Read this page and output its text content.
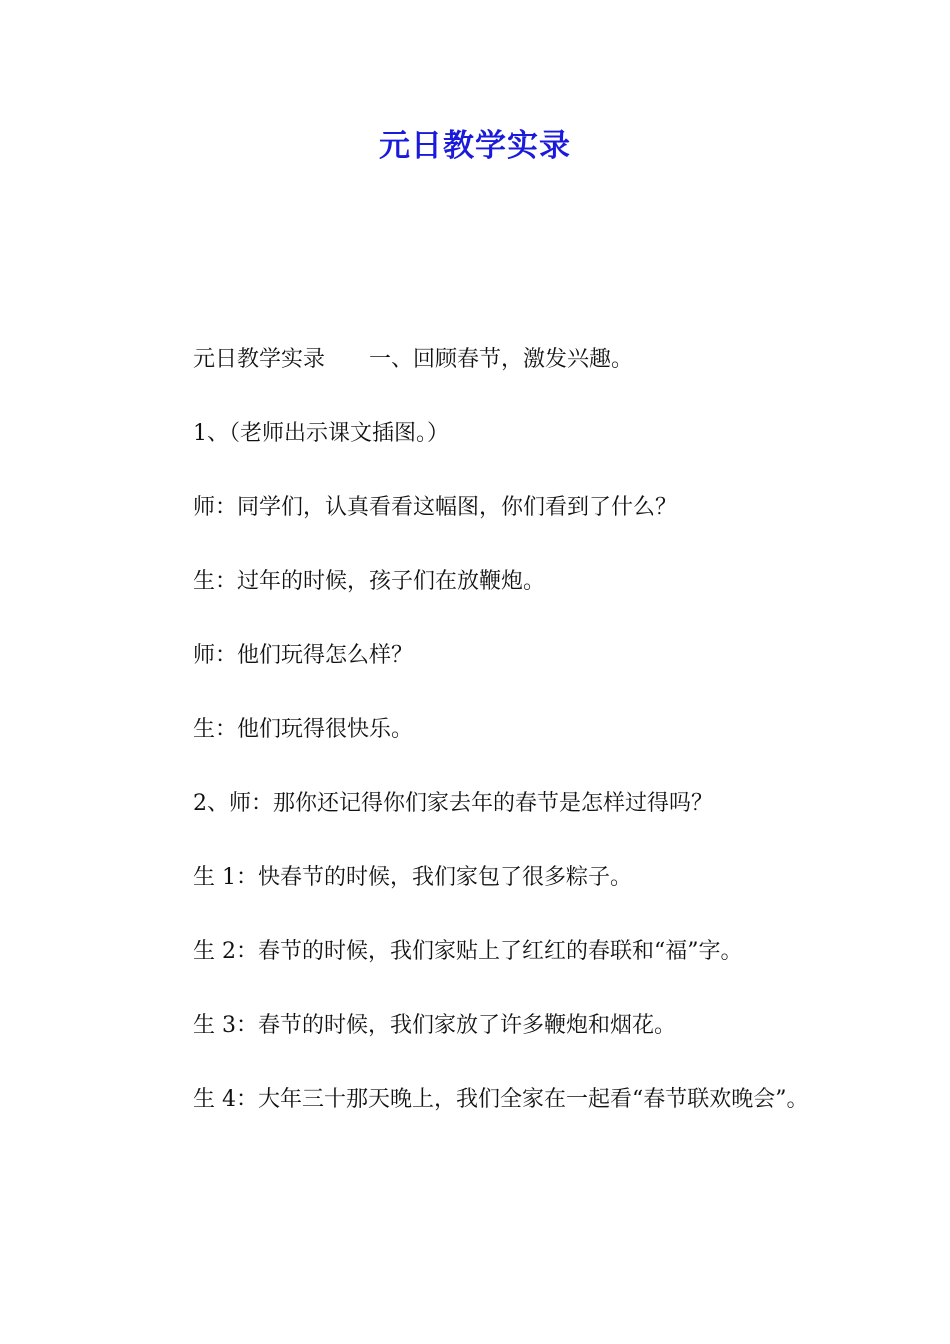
元日教学实录

元日教学实录 一、回顾春节，激发兴趣。

1、（老师出示课文插图。）

师：同学们，认真看看这幅图，你们看到了什么？

生：过年的时候，孩子们在放鞭炮。

师：他们玩得怎么样？

生：他们玩得很快乐。

2、师：那你还记得你们家去年的春节是怎样过得吗？

生 1：快春节的时候，我们家包了很多粽子。

生 2：春节的时候，我们家贴上了红红的春联和“福”字。

生 3：春节的时候，我们家放了许多鞭炮和烟花。

生 4：大年三十那天晚上，我们全家在一起看“春节联欢晚会”。
